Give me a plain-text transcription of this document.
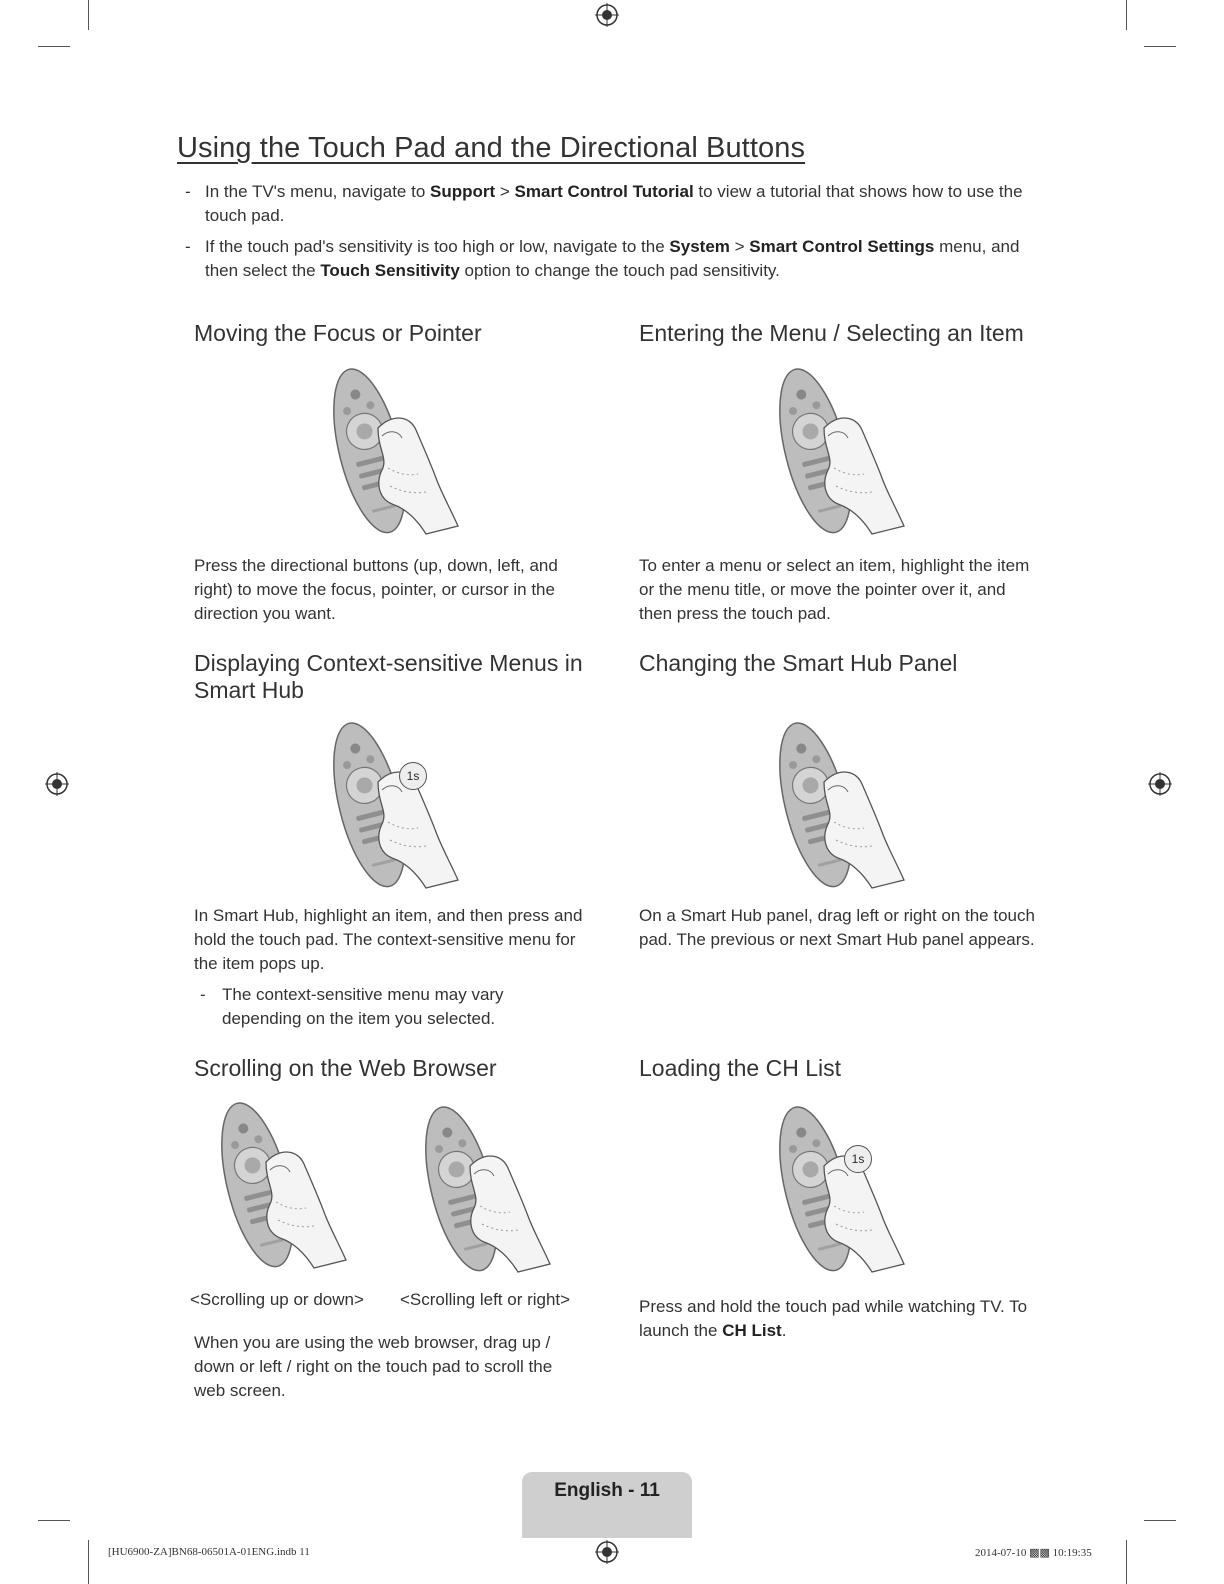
Using the Touch Pad and the Directional Buttons
- In the TV's menu, navigate to Support > Smart Control Tutorial to view a tutorial that shows how to use the touch pad.
- If the touch pad's sensitivity is too high or low, navigate to the System > Smart Control Settings menu, and then select the Touch Sensitivity option to change the touch pad sensitivity.
Moving the Focus or Pointer
Press the directional buttons (up, down, left, and right) to move the focus, pointer, or cursor in the direction you want.
Entering the Menu / Selecting an Item
To enter a menu or select an item, highlight the item or the menu title, or move the pointer over it, and then press the touch pad.
Displaying Context-sensitive Menus in Smart Hub
1s
In Smart Hub, highlight an item, and then press and hold the touch pad. The context-sensitive menu for the item pops up.
- The context-sensitive menu may vary depending on the item you selected.
Changing the Smart Hub Panel
On a Smart Hub panel, drag left or right on the touch pad. The previous or next Smart Hub panel appears.
Scrolling on the Web Browser
<Scrolling up or down> <Scrolling left or right>
When you are using the web browser, drag up / down or left / right on the touch pad to scroll the web screen.
Loading the CH List
1s
Press and hold the touch pad while watching TV. To launch the CH List.
English - 11
[HU6900-ZA]BN68-06501A-01ENG.indb 11	2014-07-10 ▩▩ 10:19:35
